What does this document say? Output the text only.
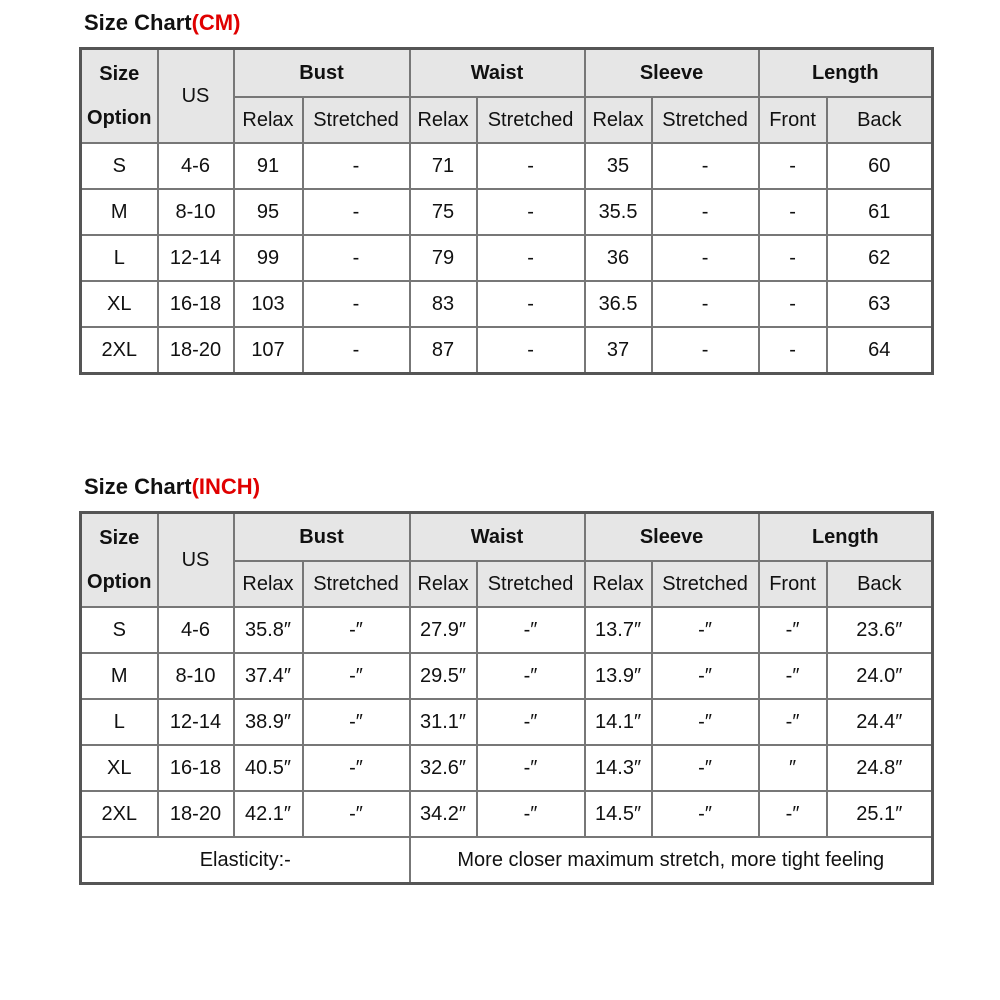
Size Chart(CM)
Size
Option	US	Bust		Waist		Sleeve		Length	
		Relax	Stretched	Relax	Stretched	Relax	Stretched	Front	Back
S	4-6	91	-	71	-	35	-	-	60
M	8-10	95	-	75	-	35.5	-	-	61
L	12-14	99	-	79	-	36	-	-	62
XL	16-18	103	-	83	-	36.5	-	-	63
2XL	18-20	107	-	87	-	37	-	-	64
Size Chart(INCH)
Size
Option	US	Bust		Waist		Sleeve		Length	
		Relax	Stretched	Relax	Stretched	Relax	Stretched	Front	Back
S	4-6	35.8″	-″	27.9″	-″	13.7″	-″	-″	23.6″
M	8-10	37.4″	-″	29.5″	-″	13.9″	-″	-″	24.0″
L	12-14	38.9″	-″	31.1″	-″	14.1″	-″	-″	24.4″
XL	16-18	40.5″	-″	32.6″	-″	14.3″	-″	″	24.8″
2XL	18-20	42.1″	-″	34.2″	-″	14.5″	-″	-″	25.1″
Elasticity:-				More closer maximum stretch, more tight feeling					
